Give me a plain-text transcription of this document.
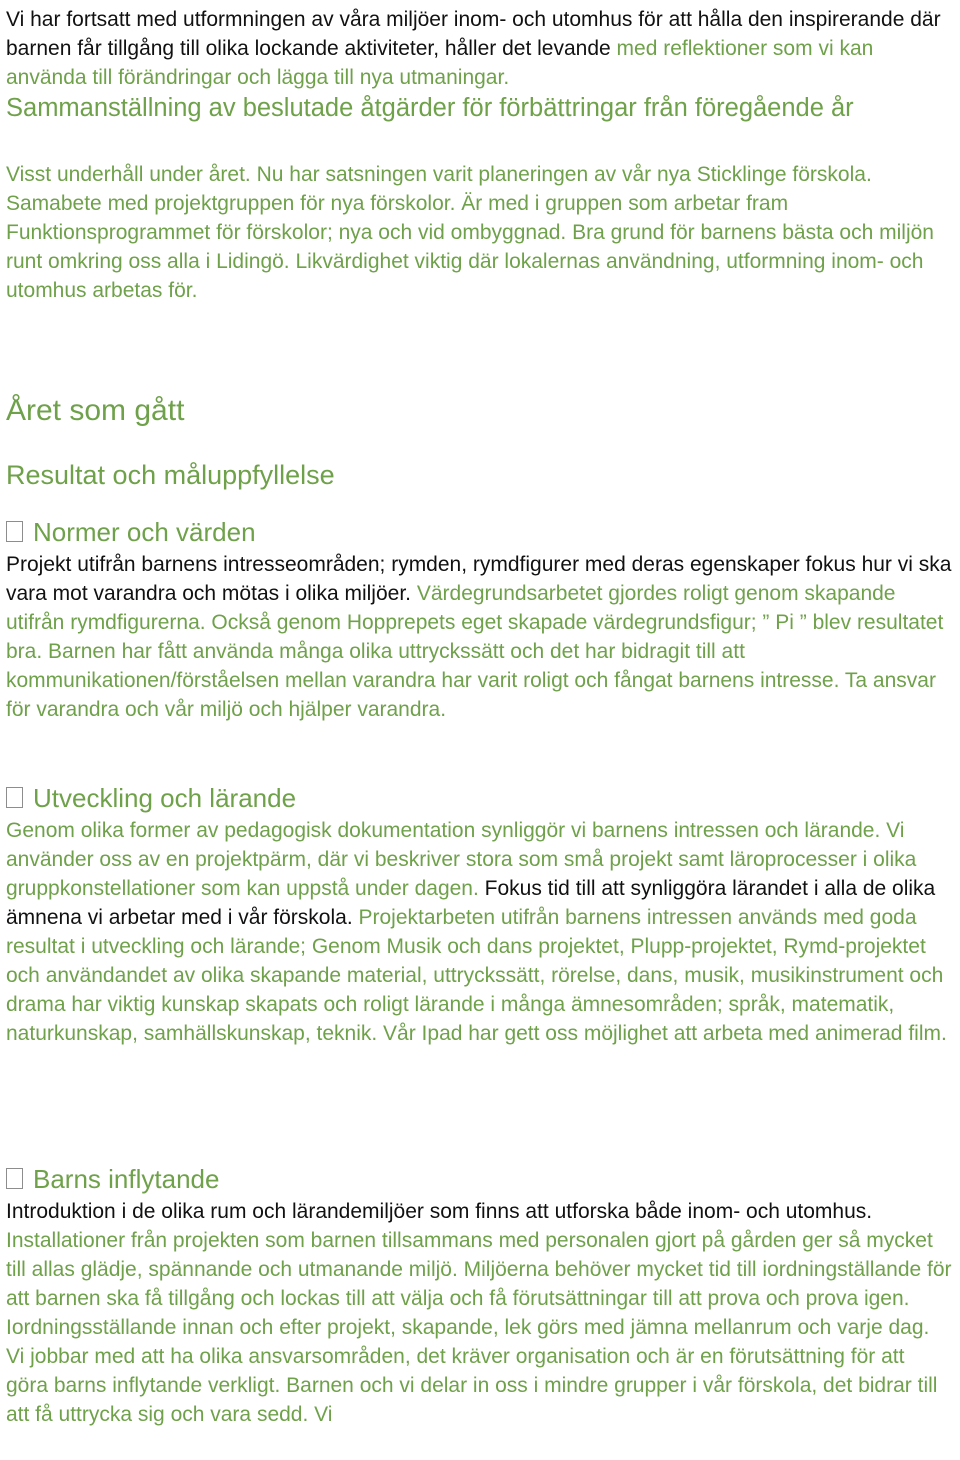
Vi har fortsatt med utformningen av våra miljöer inom- och utomhus för att hålla den inspirerande där barnen får tillgång till olika lockande aktiviteter, håller det levande med reflektioner som vi kan använda till förändringar och lägga till nya utmaningar.

Sammanställning av beslutade åtgärder för förbättringar från föregående år

Visst underhåll under året. Nu har satsningen varit planeringen av vår nya Sticklinge förskola. Samabete med projektgruppen för nya förskolor. Är med i gruppen som arbetar fram Funktionsprogrammet för förskolor; nya och vid ombyggnad. Bra grund för barnens bästa och miljön runt omkring oss alla i Lidingö. Likvärdighet viktig där lokalernas användning, utformning inom- och utomhus arbetas för.

Året som gått
Resultat och måluppfyllelse
Normer och värden
Projekt utifrån barnens intresseområden; rymden, rymdfigurer med deras egenskaper fokus hur vi ska vara mot varandra och mötas i olika miljöer. Värdegrundsarbetet gjordes roligt genom skapande utifrån rymdfigurerna. Också genom Hopprepets eget skapade värdegrundsfigur; ” Pi ” blev resultatet bra. Barnen har fått använda många olika uttryckssätt och det har bidragit till att kommunikationen/förståelsen mellan varandra har varit roligt och fångat barnens intresse. Ta ansvar för varandra och vår miljö och hjälper varandra.
Utveckling och lärande
Genom olika former av pedagogisk dokumentation synliggör vi barnens intressen och lärande. Vi använder oss av en projektpärm, där vi beskriver stora som små projekt samt läroprocesser i olika gruppkonstellationer som kan uppstå under dagen. Fokus tid till att synliggöra lärandet i alla de olika ämnena vi arbetar med i vår förskola. Projektarbeten utifrån barnens intressen används med goda resultat i utveckling och lärande; Genom Musik och dans projektet, Plupp-projektet, Rymd-projektet och användandet av olika skapande material, uttryckssätt, rörelse, dans, musik, musikinstrument och drama har viktig kunskap skapats och roligt lärande i många ämnesområden; språk, matematik, naturkunskap, samhällskunskap, teknik. Vår Ipad har gett oss möjlighet att arbeta med animerad film.
Barns inflytande
Introduktion i de olika rum och lärandemiljöer som finns att utforska både inom- och utomhus. Installationer från projekten som barnen tillsammans med personalen gjort på gården ger så mycket till allas glädje, spännande och utmanande miljö. Miljöerna behöver mycket tid till iordningställande för att barnen ska få tillgång och lockas till att välja och få förutsättningar till att prova och prova igen. Iordningsställande innan och efter projekt, skapande, lek görs med jämna mellanrum och varje dag. Vi jobbar med att ha olika ansvarsområden, det kräver organisation och är en förutsättning för att göra barns inflytande verkligt. Barnen och vi delar in oss i mindre grupper i vår förskola, det bidrar till att få uttrycka sig och vara sedd. Vi
